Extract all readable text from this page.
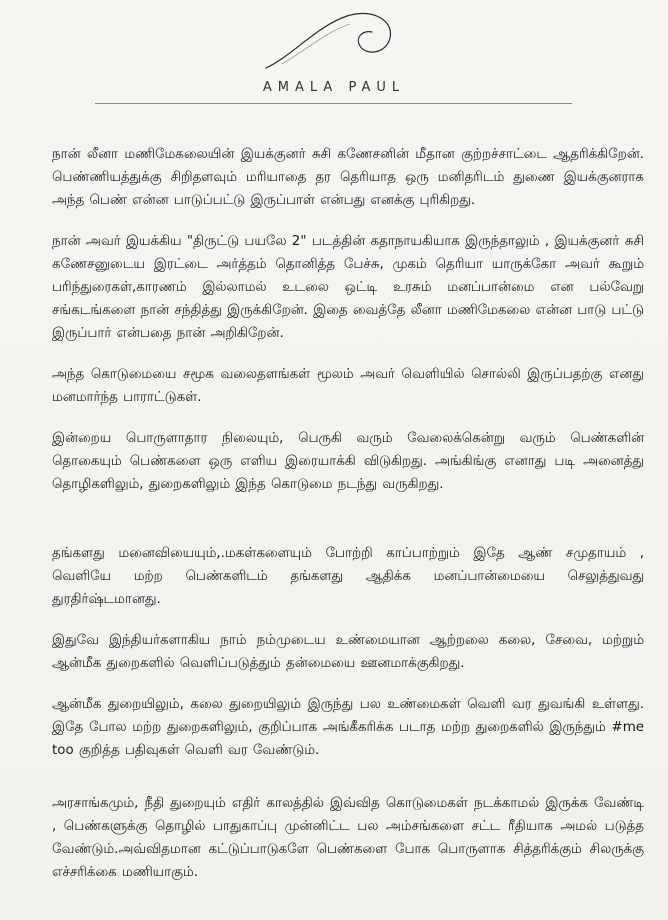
AMALA PAUL

நான் லீனா மணிமேகலையின் இயக்குனர் சுசி கணேசனின் மீதான குற்றச்சாட்டை ஆதரிக்கிறேன். பெண்ணியத்துக்கு சிறிதளவும் மரியாதை தர தெரியாத ஒரு மனிதரிடம் துணை இயக்குனராக அந்த பெண் என்ன பாடுப்பட்டு இருப்பாள் என்பது எனக்கு புரிகிறது.

நான் அவர் இயக்கிய "திருட்டு பயலே 2" படத்தின் கதாநாயகியாக இருந்தாலும் , இயக்குனர் சுசி கணேசனுடைய இரட்டை அர்த்தம் தொனித்த பேச்சு, முகம் தெரியா யாருக்கோ அவர் கூறும் பரிந்துரைகள்,காரணம் இல்லாமல் உடலை ஒட்டி உரசும் மனப்பான்மை என பல்வேறு சங்கடங்களை நான் சந்தித்து இருக்கிறேன். இதை வைத்தே லீனா மணிமேகலை என்ன பாடு பட்டு இருப்பார் என்பதை நான் அறிகிறேன்.

அந்த கொடுமையை சமூக வலைதளங்கள் மூலம் அவர் வெளியில் சொல்லி இருப்பதற்கு எனது மனமார்ந்த பாராட்டுகள்.

இன்றைய பொருளாதார நிலையும், பெருகி வரும் வேலைக்கென்று வரும் பெண்களின் தொகையும் பெண்களை ஒரு எளிய இரையாக்கி விடுகிறது. அங்கிங்கு எனாது படி அனைத்து தொழிகளிலும், துறைகளிலும் இந்த கொடுமை நடந்து வருகிறது.

தங்களது மனைவியையும்,.மகள்களையும் போற்றி காப்பாற்றும் இதே ஆண் சமுதாயம் , வெளியே மற்ற பெண்களிடம் தங்களது ஆதிக்க மனப்பான்மையை செலுத்துவது துரதிர்ஷ்டமானது.

இதுவே இந்தியர்களாகிய நாம் நம்முடைய உண்மையான ஆற்றலை கலை, சேவை, மற்றும் ஆன்மீக துறைகளில் வெளிப்படுத்தும் தன்மையை ஊனமாக்குகிறது.

ஆன்மீக துறையிலும், கலை துறையிலும் இருந்து பல உண்மைகள் வெளி வர துவங்கி உள்ளது. இதே போல மற்ற துறைகளிலும், குறிப்பாக அங்கீகரிக்க படாத மற்ற துறைகளில் இருந்தும் #me too குறித்த பதிவுகள் வெளி வர வேண்டும்.

அரசாங்கமும், நீதி துறையும் எதிர் காலத்தில் இவ்வித கொடுமைகள் நடக்காமல் இருக்க வேண்டி , பெண்களுக்கு தொழில் பாதுகாப்பு முன்னிட்ட பல அம்சங்களை சட்ட ரீதியாக அமல் படுத்த வேண்டும்.அவ்விதமான கட்டுப்பாடுகளே பெண்களை போக பொருளாக சித்தரிக்கும் சிலருக்கு எச்சரிக்கை மணியாகும்.
